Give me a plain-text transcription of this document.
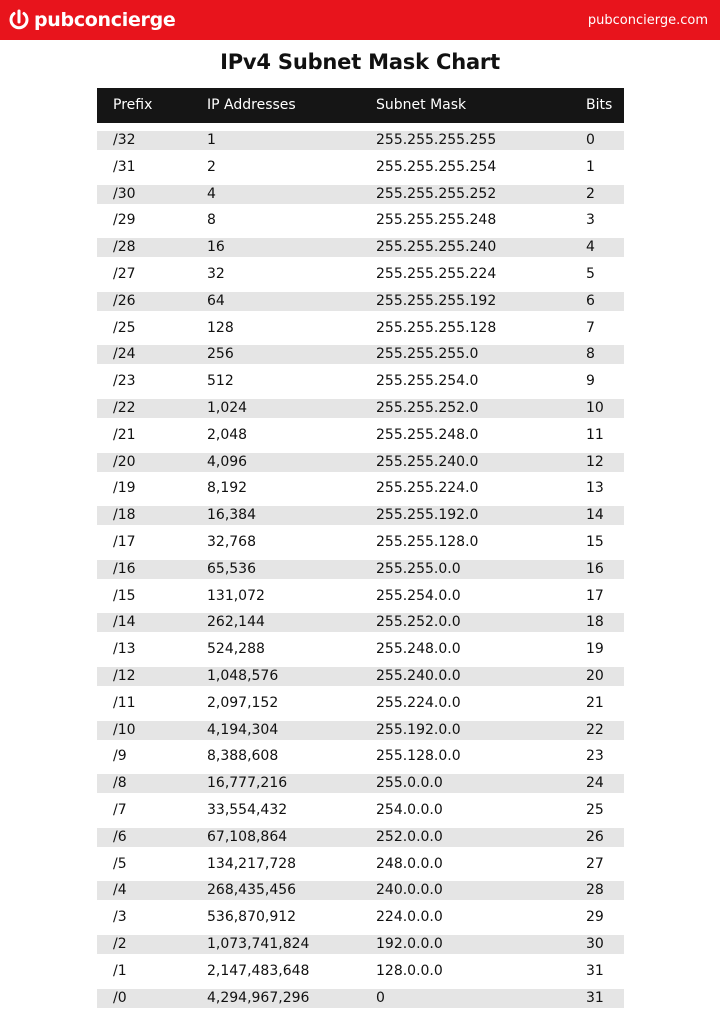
pubconcierge	pubconcierge.com
IPv4 Subnet Mask Chart
Prefix	IP Addresses	Subnet Mask	Bits
/32	1	255.255.255.255	0
/31	2	255.255.255.254	1
/30	4	255.255.255.252	2
/29	8	255.255.255.248	3
/28	16	255.255.255.240	4
/27	32	255.255.255.224	5
/26	64	255.255.255.192	6
/25	128	255.255.255.128	7
/24	256	255.255.255.0	8
/23	512	255.255.254.0	9
/22	1,024	255.255.252.0	10
/21	2,048	255.255.248.0	11
/20	4,096	255.255.240.0	12
/19	8,192	255.255.224.0	13
/18	16,384	255.255.192.0	14
/17	32,768	255.255.128.0	15
/16	65,536	255.255.0.0	16
/15	131,072	255.254.0.0	17
/14	262,144	255.252.0.0	18
/13	524,288	255.248.0.0	19
/12	1,048,576	255.240.0.0	20
/11	2,097,152	255.224.0.0	21
/10	4,194,304	255.192.0.0	22
/9	8,388,608	255.128.0.0	23
/8	16,777,216	255.0.0.0	24
/7	33,554,432	254.0.0.0	25
/6	67,108,864	252.0.0.0	26
/5	134,217,728	248.0.0.0	27
/4	268,435,456	240.0.0.0	28
/3	536,870,912	224.0.0.0	29
/2	1,073,741,824	192.0.0.0	30
/1	2,147,483,648	128.0.0.0	31
/0	4,294,967,296	0	31
